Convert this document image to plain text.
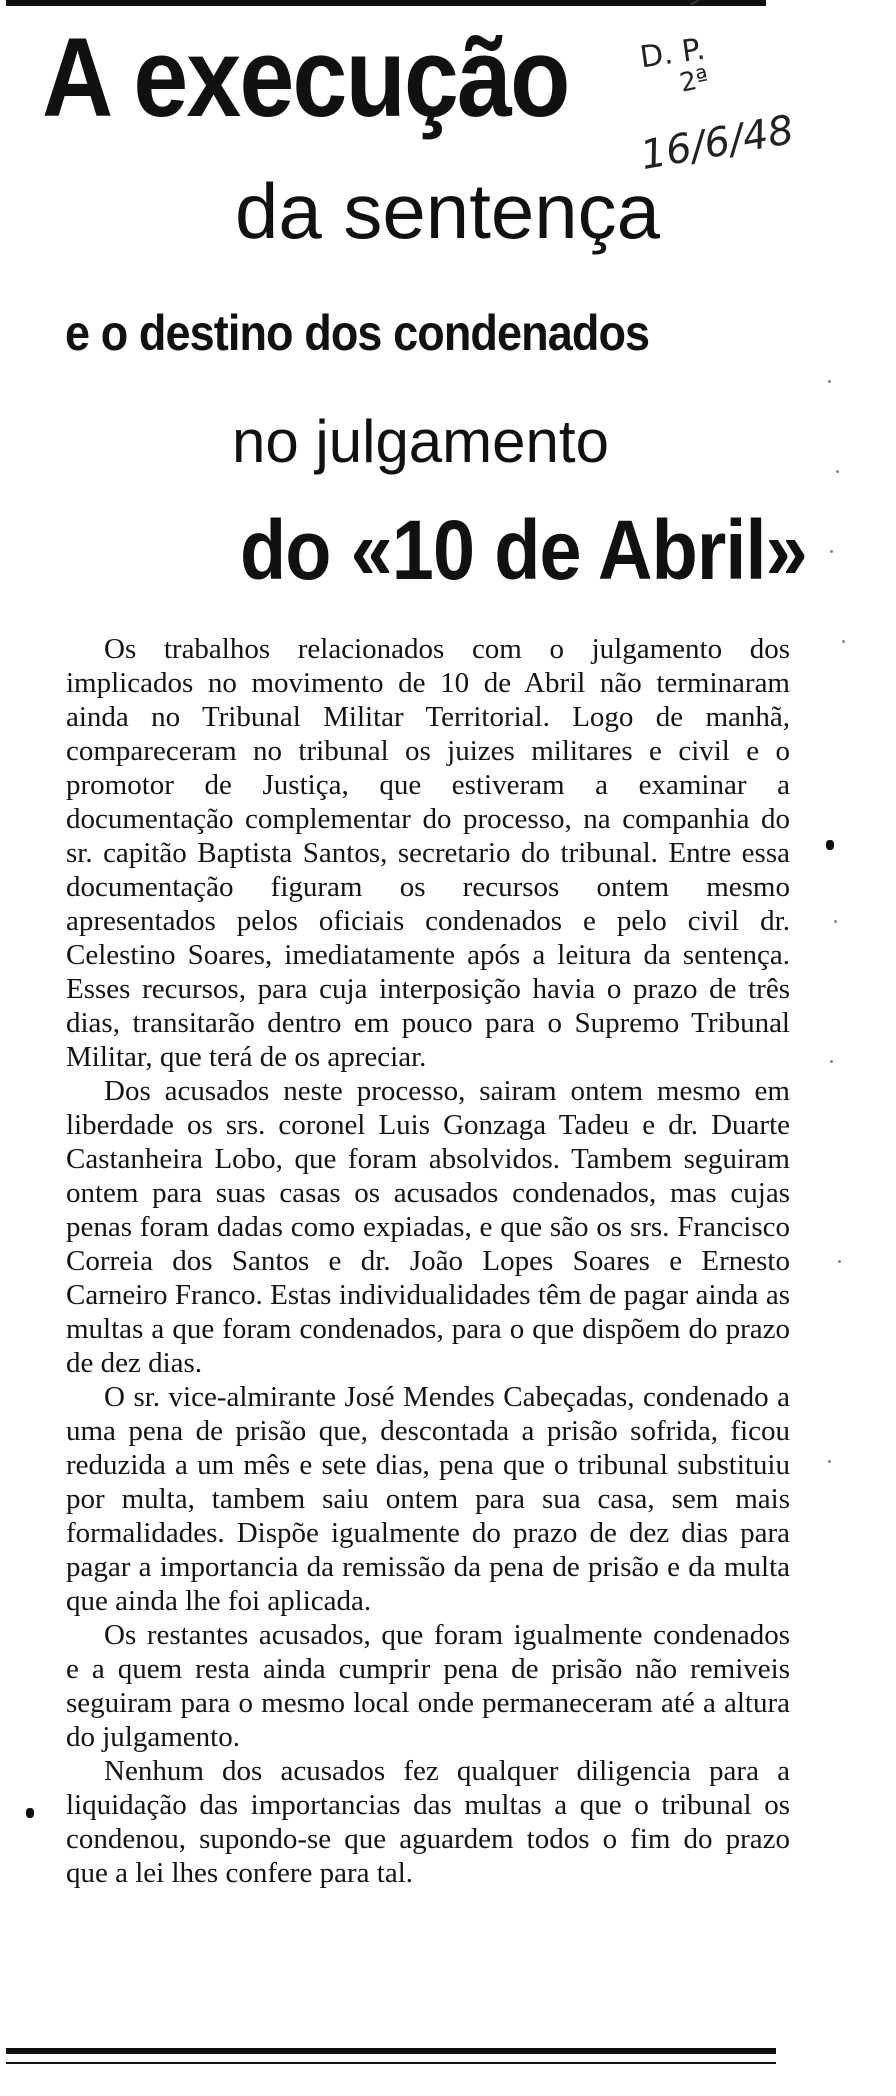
A execução
da sentença
e o destino dos condenados
no julgamento
do «10 de Abril»
D. P.
2ª
16/6/48

Os trabalhos relacionados com o julgamento dos implicados no movimento de 10 de Abril não terminaram ainda no Tribunal Militar Territorial. Logo de manhã, compareceram no tribunal os juizes militares e civil e o promotor de Justiça, que estiveram a examinar a documentação complementar do processo, na companhia do sr. capitão Baptista Santos, secretario do tribunal. Entre essa documentação figuram os recursos ontem mesmo apresentados pelos oficiais condenados e pelo civil dr. Celestino Soares, imediatamente após a leitura da sentença. Esses recursos, para cuja interposição havia o prazo de três dias, transitarão dentro em pouco para o Supremo Tribunal Militar, que terá de os apreciar.

Dos acusados neste processo, sairam ontem mesmo em liberdade os srs. coronel Luis Gonzaga Tadeu e dr. Duarte Castanheira Lobo, que foram absolvidos. Tambem seguiram ontem para suas casas os acusados condenados, mas cujas penas foram dadas como expiadas, e que são os srs. Francisco Correia dos Santos e dr. João Lopes Soares e Ernesto Carneiro Franco. Estas individualidades têm de pagar ainda as multas a que foram condenados, para o que dispõem do prazo de dez dias.

O sr. vice-almirante José Mendes Cabeçadas, condenado a uma pena de prisão que, descontada a prisão sofrida, ficou reduzida a um mês e sete dias, pena que o tribunal substituiu por multa, tambem saiu ontem para sua casa, sem mais formalidades. Dispõe igualmente do prazo de dez dias para pagar a importancia da remissão da pena de prisão e da multa que ainda lhe foi aplicada.

Os restantes acusados, que foram igualmente condenados e a quem resta ainda cumprir pena de prisão não remiveis seguiram para o mesmo local onde permaneceram até a altura do julgamento.

Nenhum dos acusados fez qualquer diligencia para a liquidação das importancias das multas a que o tribunal os condenou, supondo-se que aguardem todos o fim do prazo que a lei lhes confere para tal.
